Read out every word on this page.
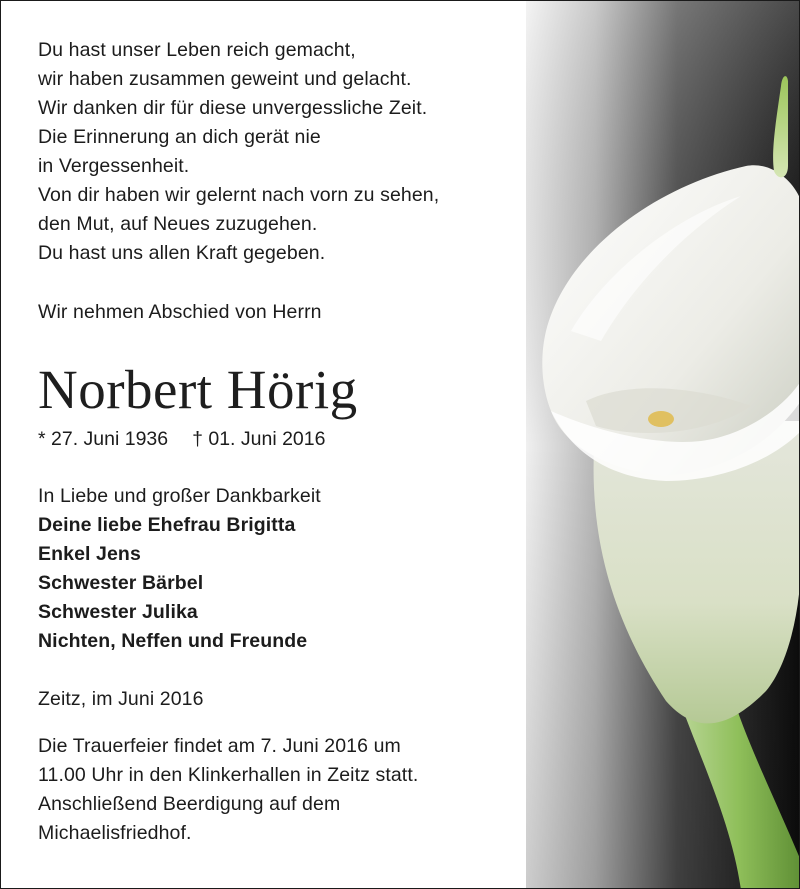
Du hast unser Leben reich gemacht,
wir haben zusammen geweint und gelacht.
Wir danken dir für diese unvergessliche Zeit.
Die Erinnerung an dich gerät nie
in Vergessenheit.
Von dir haben wir gelernt nach vorn zu sehen,
den Mut, auf Neues zuzugehen.
Du hast uns allen Kraft gegeben.
Wir nehmen Abschied von Herrn
Norbert Hörig
* 27. Juni 1936 † 01. Juni 2016
In Liebe und großer Dankbarkeit
Deine liebe Ehefrau Brigitta
Enkel Jens
Schwester Bärbel
Schwester Julika
Nichten, Neffen und Freunde
Zeitz, im Juni 2016
Die Trauerfeier findet am 7. Juni 2016 um
11.00 Uhr in den Klinkerhallen in Zeitz statt.
Anschließend Beerdigung auf dem
Michaelisfriedhof.
